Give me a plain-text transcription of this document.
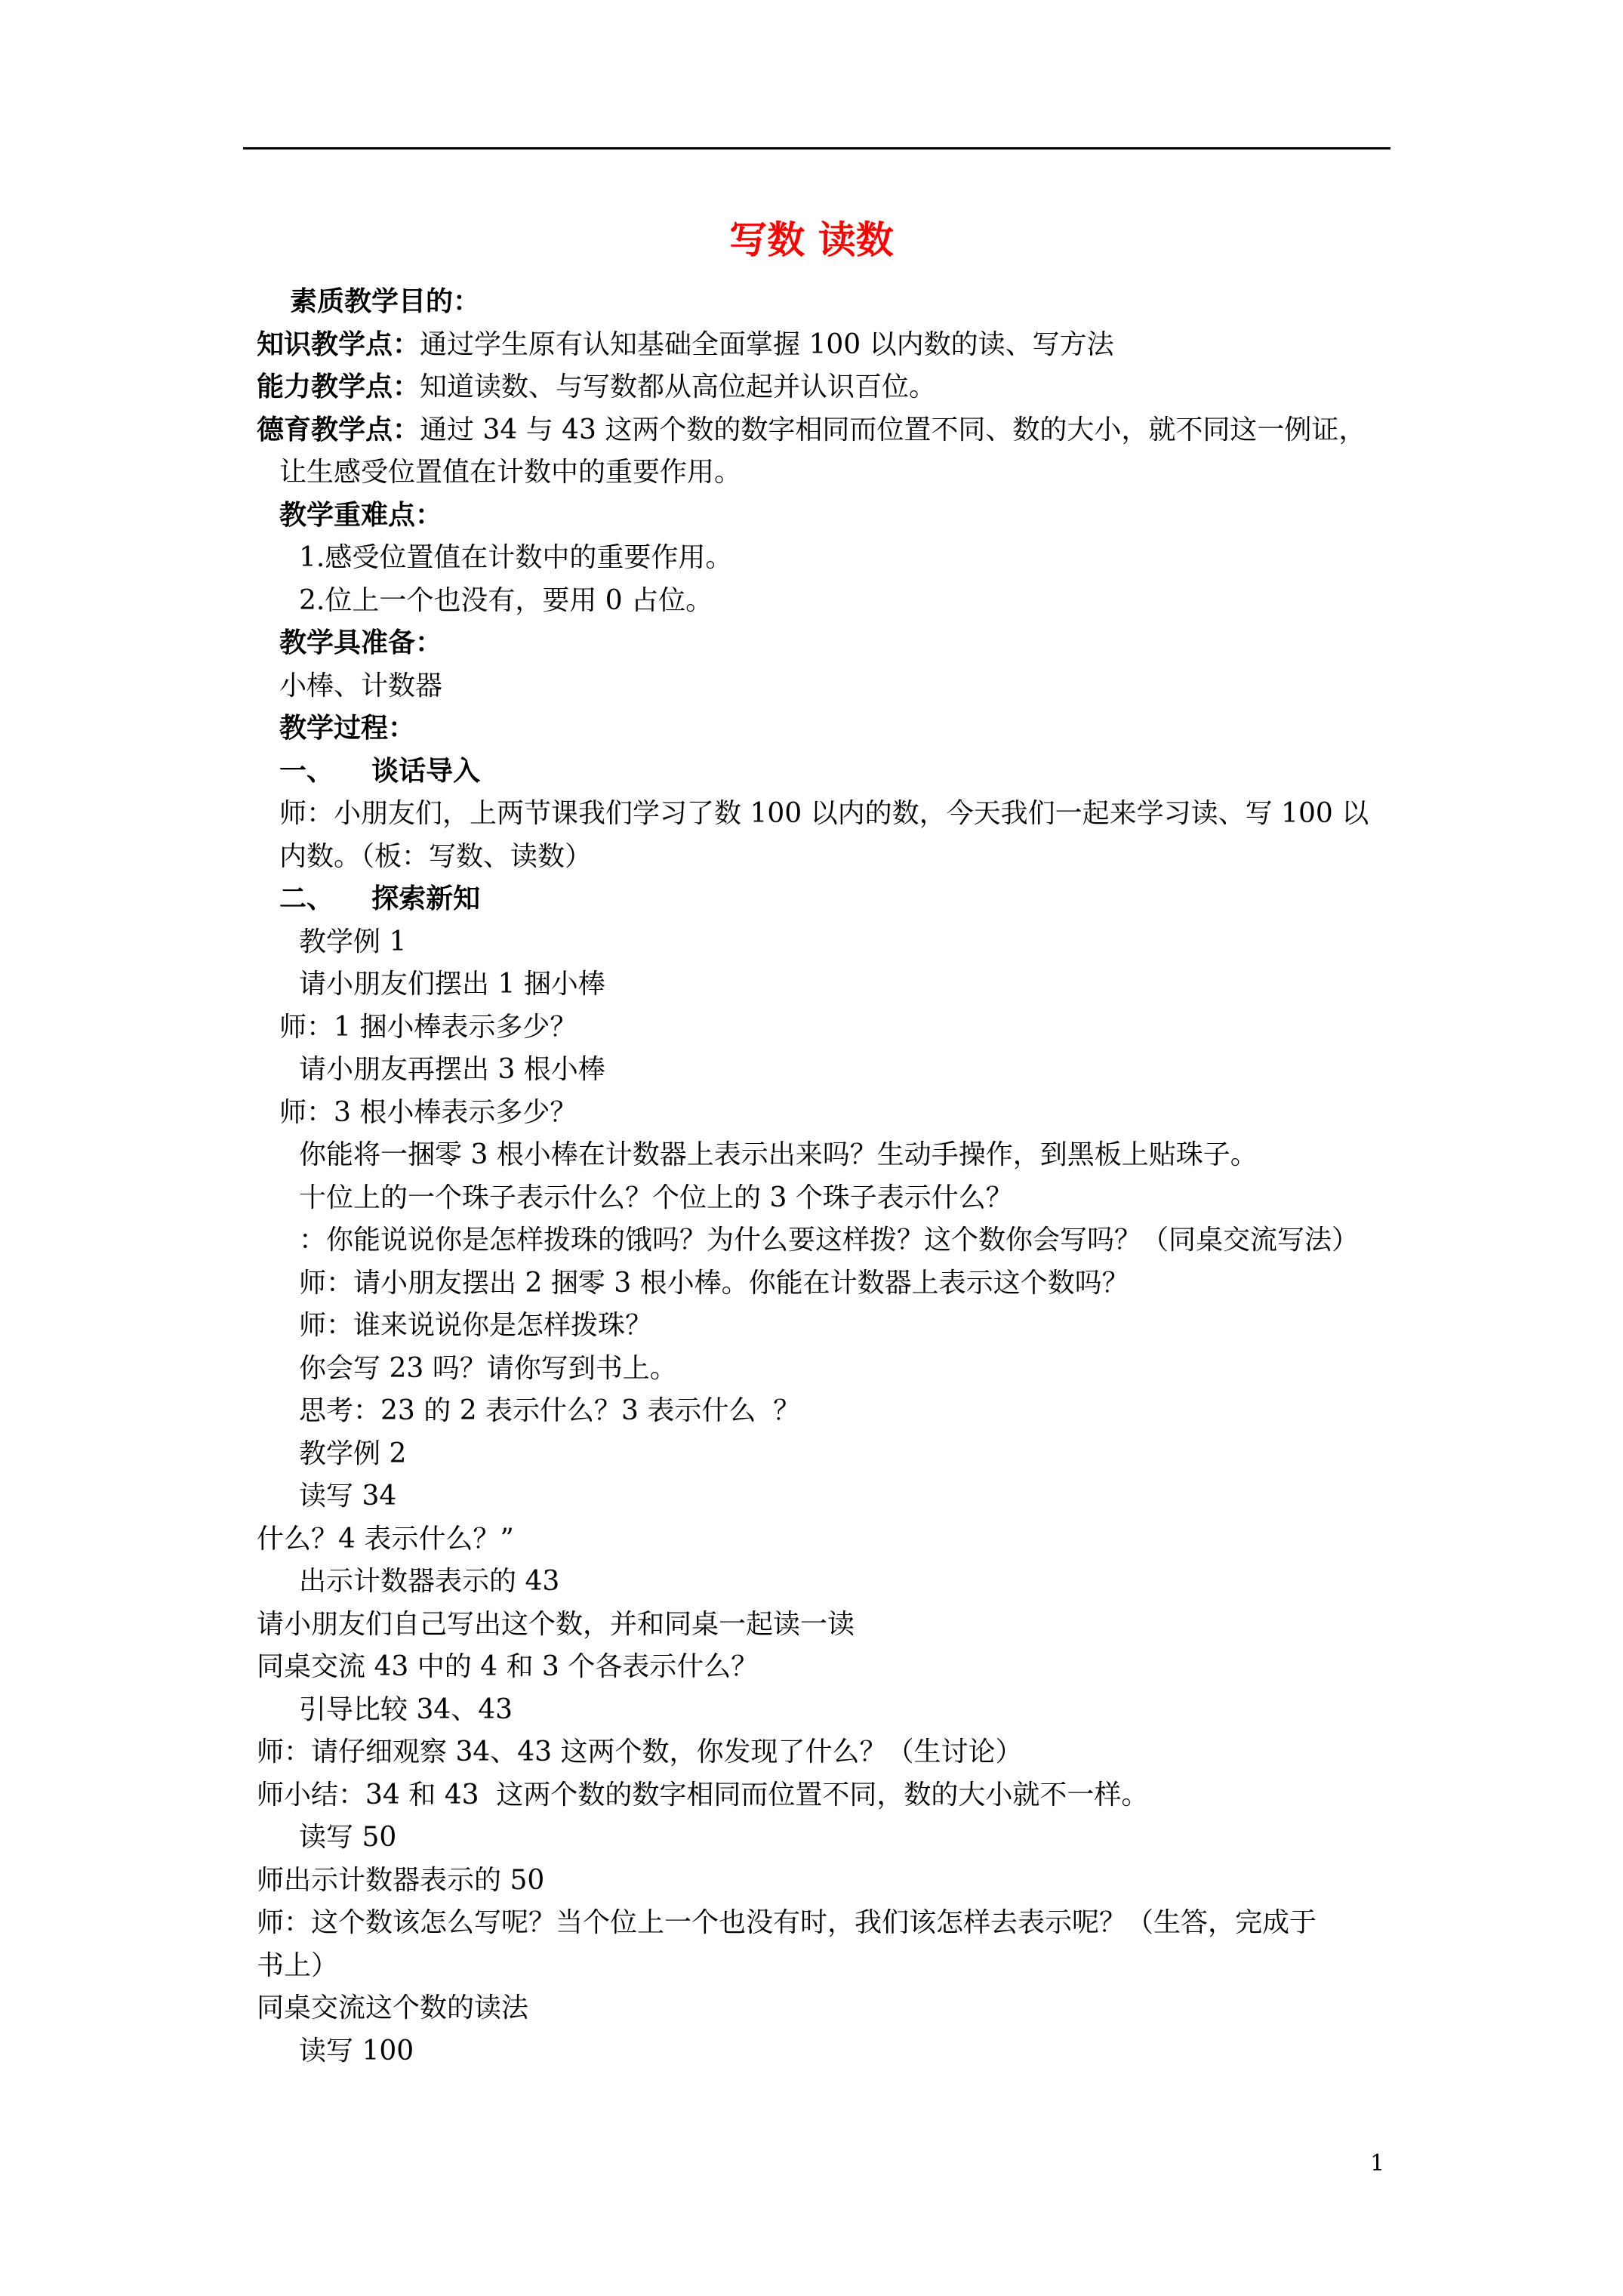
写数 读数
素质教学目的：
知识教学点：通过学生原有认知基础全面掌握 100 以内数的读、写方法
能力教学点：知道读数、与写数都从高位起并认识百位。
德育教学点：通过 34 与 43 这两个数的数字相同而位置不同、数的大小，就不同这一例证，
让生感受位置值在计数中的重要作用。
教学重难点：
1.感受位置值在计数中的重要作用。
2.位上一个也没有，要用 0 占位。
教学具准备：
小棒、计数器
教学过程：
一、    谈话导入
师：小朋友们，上两节课我们学习了数 100 以内的数，今天我们一起来学习读、写 100 以
内数。（板：写数、读数）
二、    探索新知
教学例 1
请小朋友们摆出 1 捆小棒
师：1 捆小棒表示多少？
请小朋友再摆出 3 根小棒
师：3 根小棒表示多少？
你能将一捆零 3 根小棒在计数器上表示出来吗？生动手操作，到黑板上贴珠子。
十位上的一个珠子表示什么？个位上的 3 个珠子表示什么？
：你能说说你是怎样拨珠的饿吗？为什么要这样拨？这个数你会写吗？（同桌交流写法）
师：请小朋友摆出 2 捆零 3 根小棒。你能在计数器上表示这个数吗？
师：谁来说说你是怎样拨珠？
你会写 23 吗？请你写到书上。
思考：23 的 2 表示什么？3 表示什么  ？
教学例 2
读写 34
什么？4 表示什么？”
出示计数器表示的 43
请小朋友们自己写出这个数，并和同桌一起读一读
同桌交流 43 中的 4 和 3 个各表示什么？
引导比较 34、43
师：请仔细观察 34、43 这两个数，你发现了什么？（生讨论）
师小结：34 和 43  这两个数的数字相同而位置不同，数的大小就不一样。
读写 50
师出示计数器表示的 50
师：这个数该怎么写呢？当个位上一个也没有时，我们该怎样去表示呢？（生答，完成于
书上）
同桌交流这个数的读法
读写 100
1
